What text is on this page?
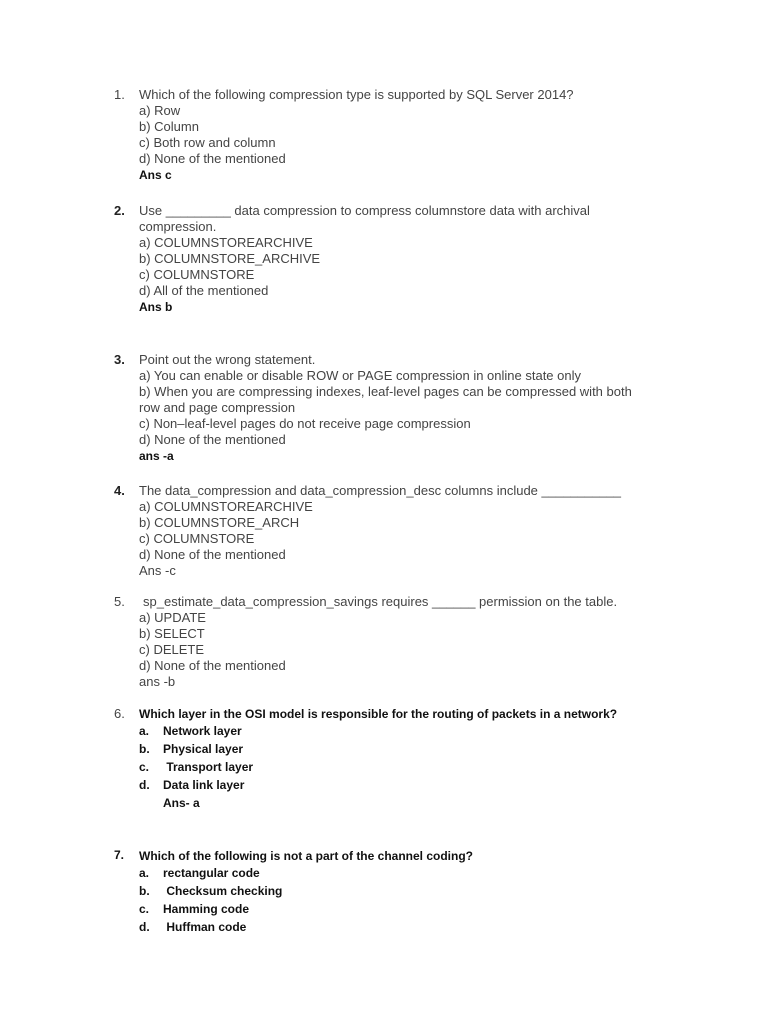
1. Which of the following compression type is supported by SQL Server 2014?
a) Row
b) Column
c) Both row and column
d) None of the mentioned
Ans c
2. Use _________ data compression to compress columnstore data with archival
compression.
a) COLUMNSTOREARCHIVE
b) COLUMNSTORE_ARCHIVE
c) COLUMNSTORE
d) All of the mentioned
Ans b
3. Point out the wrong statement.
a) You can enable or disable ROW or PAGE compression in online state only
b) When you are compressing indexes, leaf-level pages can be compressed with both
row and page compression
c) Non–leaf-level pages do not receive page compression
d) None of the mentioned
ans -a
4. The data_compression and data_compression_desc columns include ___________
a) COLUMNSTOREARCHIVE
b) COLUMNSTORE_ARCH
c) COLUMNSTORE
d) None of the mentioned
Ans -c
5. sp_estimate_data_compression_savings requires ______ permission on the table.
a) UPDATE
b) SELECT
c) DELETE
d) None of the mentioned
ans -b
6. Which layer in the OSI model is responsible for the routing of packets in a network?
a. Network layer
b. Physical layer
c. Transport layer
d. Data link layer
Ans- a
7. Which of the following is not a part of the channel coding?
a. rectangular code
b. Checksum checking
c. Hamming code
d. Huffman code
